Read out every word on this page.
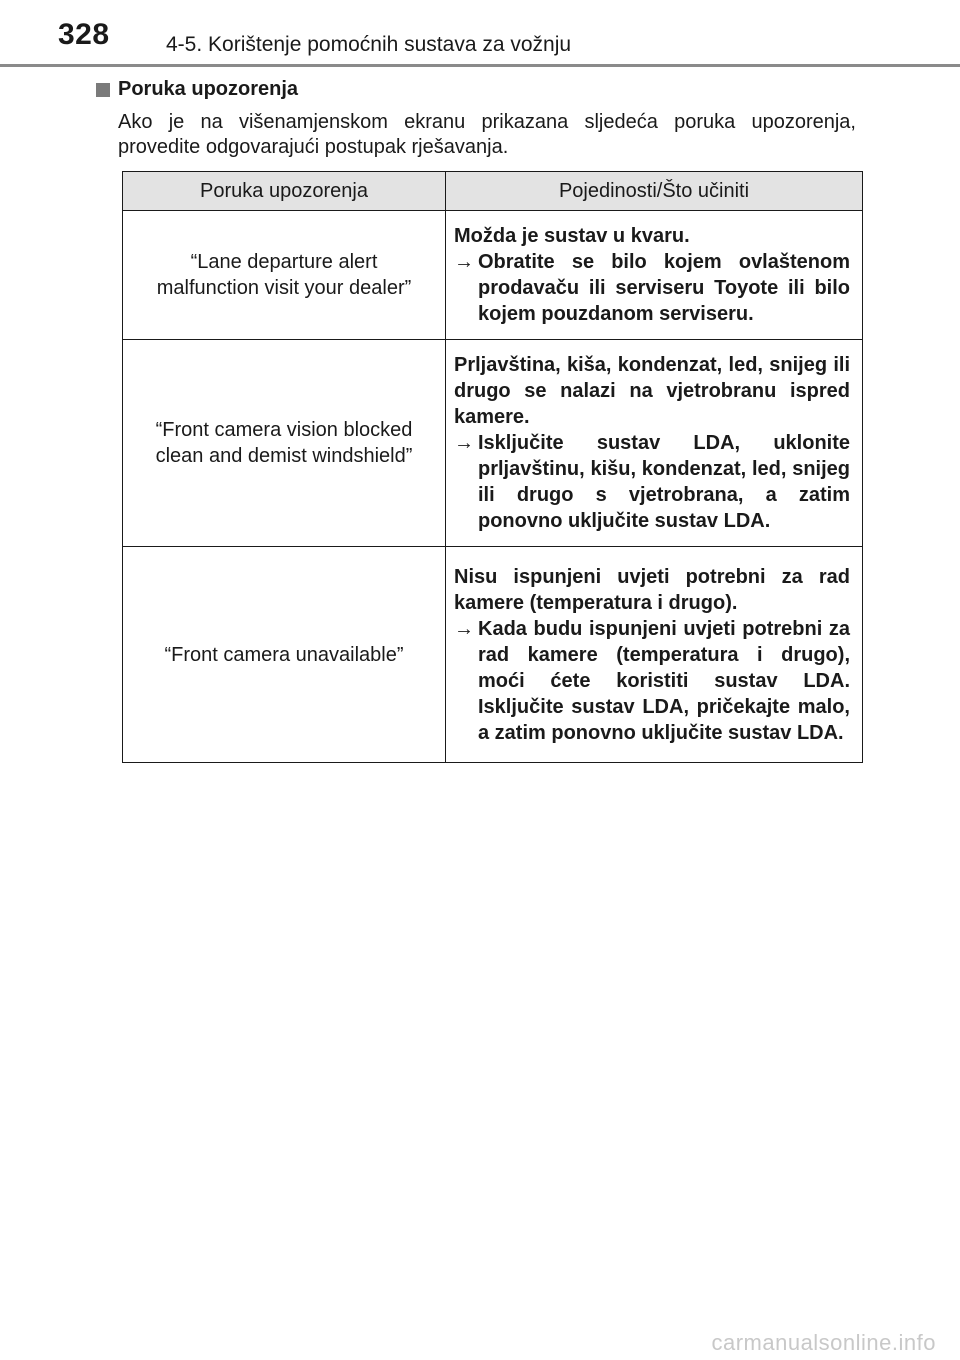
328	4-5. Korištenje pomoćnih sustava za vožnju
Poruka upozorenja

Ako je na višenamjenskom ekranu prikazana sljedeća poruka upozorenja, provedite odgovarajući postupak rješavanja.

Poruka upozorenja	Pojedinosti/Što učiniti
“Lane departure alert malfunction visit your dealer”	Možda je sustav u kvaru.
→ Obratite se bilo kojem ovlaštenom prodavaču ili serviseru Toyote ili bilo kojem pouzdanom serviseru.

“Front camera vision blocked clean and demist windshield”	Prljavština, kiša, kondenzat, led, snijeg ili drugo se nalazi na vjetrobranu ispred kamere.
→ Isključite sustav LDA, uklonite prljavštinu, kišu, kondenzat, led, snijeg ili drugo s vjetrobrana, a zatim ponovno uključite sustav LDA.

“Front camera unavailable”	Nisu ispunjeni uvjeti potrebni za rad kamere (temperatura i drugo).
→ Kada budu ispunjeni uvjeti potrebni za rad kamere (temperatura i drugo), moći ćete koristiti sustav LDA. Isključite sustav LDA, pričekajte malo, a zatim ponovno uključite sustav LDA.
carmanualsonline.info
